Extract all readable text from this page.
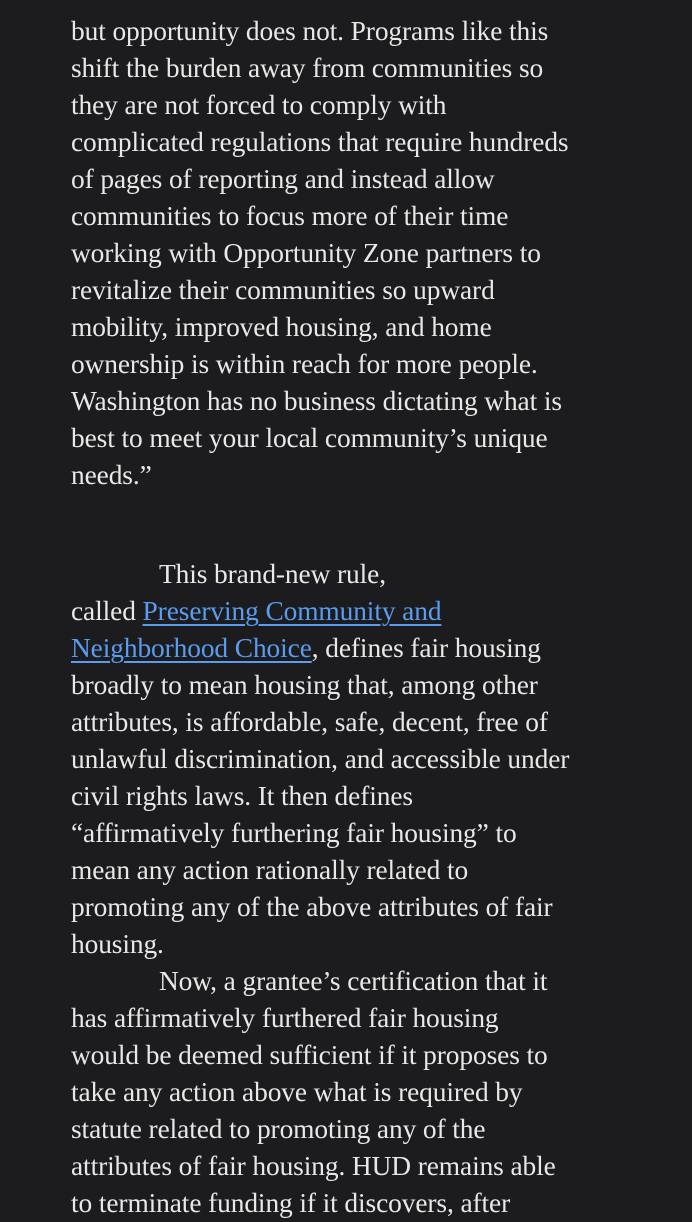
but opportunity does not. Programs like this
shift the burden away from communities so
they are not forced to comply with
complicated regulations that require hundreds
of pages of reporting and instead allow
communities to focus more of their time
working with Opportunity Zone partners to
revitalize their communities so upward
mobility, improved housing, and home
ownership is within reach for more people.
Washington has no business dictating what is
best to meet your local community’s unique
needs.”
This brand-new rule,
called Preserving Community and
Neighborhood Choice, defines fair housing
broadly to mean housing that, among other
attributes, is affordable, safe, decent, free of
unlawful discrimination, and accessible under
civil rights laws. It then defines
“affirmatively furthering fair housing” to
mean any action rationally related to
promoting any of the above attributes of fair
housing.
Now, a grantee’s certification that it
has affirmatively furthered fair housing
would be deemed sufficient if it proposes to
take any action above what is required by
statute related to promoting any of the
attributes of fair housing. HUD remains able
to terminate funding if it discovers, after
